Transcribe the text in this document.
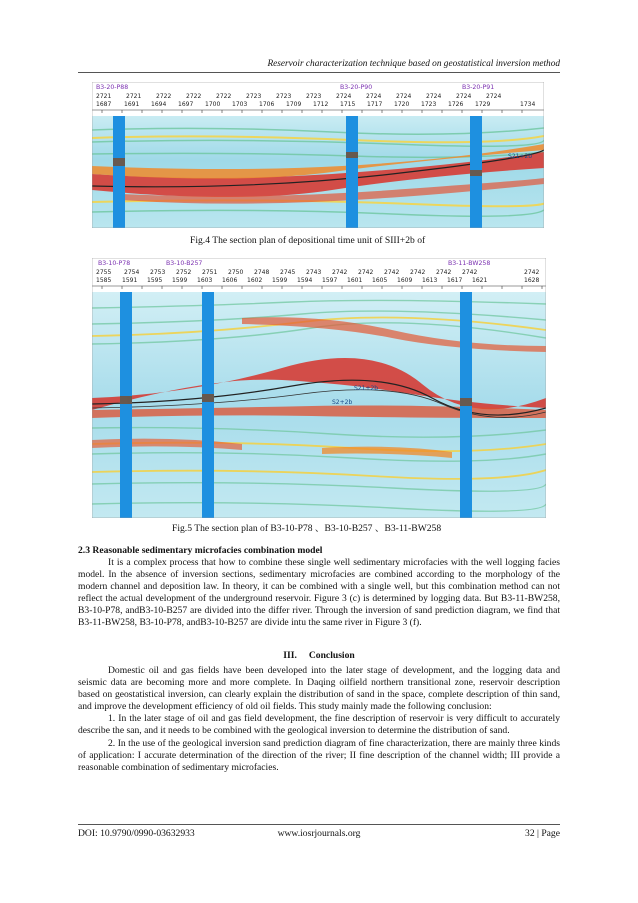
Reservoir characterization technique based on geostatistical inversion method
S21+2b
B3-20-P88	B3-20-P90	B3-20-P91
2721 2721 2722 2722 2722 2723 2723 2723 2724 2724 2724 2724 2724 2724
1687 1691 1694 1697 1700 1703 1706 1709 1712 1715 1717 1720 1723 1726 1729	1734
Fig.4 The section plan of depositional time unit of SIII+2b of
S21+2b
S2+2b
B3-10-P78	B3-10-B257	B3-11-BW258
2755 2754 2753 2752 2751 2750 2748 2745 2743 2742 2742 2742 2742 2742 2742	2742
1585 1591 1595 1599 1603 1606 1602 1599 1594 1597 1601 1605 1609 1613 1617 1621	1628
Fig.5 The section plan of B3-10-P78 、B3-10-B257 、B3-11-BW258
2.3 Reasonable sedimentary microfacies combination model

It is a complex process that how to combine these single well sedimentary microfacies with the well logging facies model. In the absence of inversion sections, sedimentary microfacies are combined according to the morphology of the modern channel and deposition law. In theory, it can be combined with a single well, but this combination method can not reflect the actual development of the underground reservoir. Figure 3 (c) is determined by logging data. But B3-11-BW258, B3-10-P78, andB3-10-B257 are divided into the differ river. Through the inversion of sand prediction diagram, we find that B3-11-BW258, B3-10-P78, andB3-10-B257 are divide intu the same river in Figure 3 (f).

III. Conclusion
Domestic oil and gas fields have been developed into the later stage of development, and the logging data and seismic data are becoming more and more complete. In Daqing oilfield northern transitional zone, reservoir description based on geostatistical inversion, can clearly explain the distribution of sand in the space, complete description of thin sand, and improve the development efficiency of old oil fields. This study mainly made the following conclusion:
1. In the later stage of oil and gas field development, the fine description of reservoir is very difficult to accurately describe the san, and it needs to be combined with the geological inversion to determine the distribution of sand.
2. In the use of the geological inversion sand prediction diagram of fine characterization, there are mainly three kinds of application: I accurate determination of the direction of the river; II fine description of the channel width; III provide a reasonable combination of sedimentary microfacies.
DOI: 10.9790/0990-03632933	www.iosrjournals.org	32 | Page
